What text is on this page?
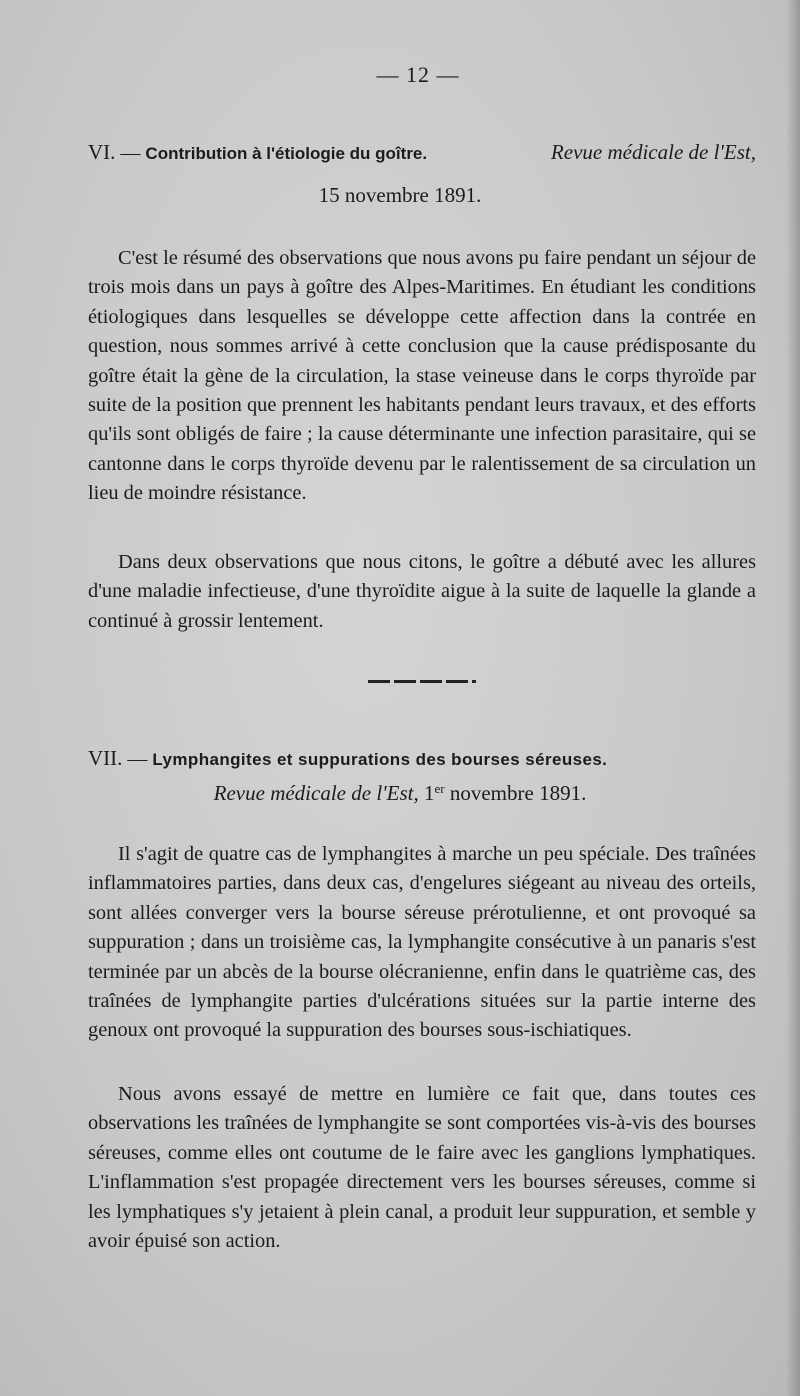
— 12 —
VI. — Contribution à l'étiologie du goître.	Revue médicale de l'Est,
15 novembre 1891.

C'est le résumé des observations que nous avons pu faire pendant un séjour de trois mois dans un pays à goître des Alpes-Maritimes. En étudiant les conditions étiologiques dans lesquelles se développe cette affection dans la contrée en question, nous sommes arrivé à cette conclusion que la cause prédisposante du goître était la gène de la circulation, la stase veineuse dans le corps thyroïde par suite de la position que prennent les habitants pendant leurs travaux, et des efforts qu'ils sont obligés de faire ; la cause déterminante une infection parasitaire, qui se cantonne dans le corps thyroïde devenu par le ralentissement de sa circulation un lieu de moindre résistance.

Dans deux observations que nous citons, le goître a débuté avec les allures d'une maladie infectieuse, d'une thyroïdite aigue à la suite de laquelle la glande a continué à grossir lentement.

VII. — Lymphangites et suppurations des bourses séreuses.
Revue médicale de l'Est, 1er novembre 1891.

Il s'agit de quatre cas de lymphangites à marche un peu spéciale. Des traînées inflammatoires parties, dans deux cas, d'engelures siégeant au niveau des orteils, sont allées converger vers la bourse séreuse prérotulienne, et ont provoqué sa suppuration ; dans un troisième cas, la lymphangite consécutive à un panaris s'est terminée par un abcès de la bourse olécranienne, enfin dans le quatrième cas, des traînées de lymphangite parties d'ulcérations situées sur la partie interne des genoux ont provoqué la suppuration des bourses sous-ischiatiques.

Nous avons essayé de mettre en lumière ce fait que, dans toutes ces observations les traînées de lymphangite se sont comportées vis-à-vis des bourses séreuses, comme elles ont coutume de le faire avec les ganglions lymphatiques. L'inflammation s'est propagée directement vers les bourses séreuses, comme si les lymphatiques s'y jetaient à plein canal, a produit leur suppuration, et semble y avoir épuisé son action.
